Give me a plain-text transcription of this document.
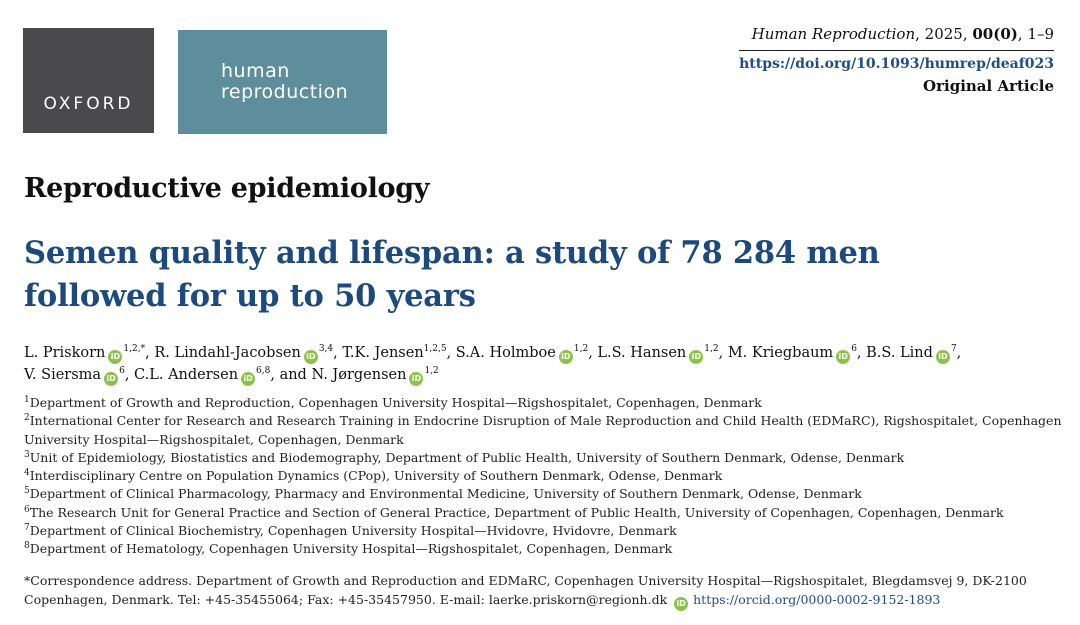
OXFORD
human
reproduction
Human Reproduction, 2025, 00(0), 1–9
https://doi.org/10.1093/humrep/deaf023
Original Article
Reproductive epidemiology
Semen quality and lifespan: a study of 78 284 men
followed for up to 50 years
L. Priskorn $iD^{1,2,*}$, R. Lindahl-Jacobsen iD$^{3,4}$, T.K. Jensen$^{1,2,5}$, S.A. Holmboe iD$^{1,2}$, L.S. Hansen iD$^{1,2}$, M. Kriegbaum $iD^6$, B.S. Lind $iD^7$,
V. Siersma $iD^6$, C.L. Andersen iD$^{6,8}$, and N. Jørgensen iD$^{1,2}$
$^1$Department of Growth and Reproduction, Copenhagen University Hospital—Rigshospitalet, Copenhagen, Denmark
$^2$International Center for Research and Research Training in Endocrine Disruption of Male Reproduction and Child Health (EDMaRC), Rigshospitalet, Copenhagen
University Hospital—Rigshospitalet, Copenhagen, Denmark
$^3$Unit of Epidemiology, Biostatistics and Biodemography, Department of Public Health, University of Southern Denmark, Odense, Denmark
$^4$Interdisciplinary Centre on Population Dynamics (CPop), University of Southern Denmark, Odense, Denmark
$^5$Department of Clinical Pharmacology, Pharmacy and Environmental Medicine, University of Southern Denmark, Odense, Denmark
$^6$The Research Unit for General Practice and Section of General Practice, Department of Public Health, University of Copenhagen, Copenhagen, Denmark
$^7$Department of Clinical Biochemistry, Copenhagen University Hospital—Hvidovre, Hvidovre, Denmark
$^8$Department of Hematology, Copenhagen University Hospital—Rigshospitalet, Copenhagen, Denmark
*Correspondence address. Department of Growth and Reproduction and EDMaRC, Copenhagen University Hospital—Rigshospitalet, Blegdamsvej 9, DK-2100
Copenhagen, Denmark. Tel: +45-35455064; Fax: +45-35457950. E-mail: laerke.priskorn@regionh.dk iD https://orcid.org/0000-0002-9152-1893
